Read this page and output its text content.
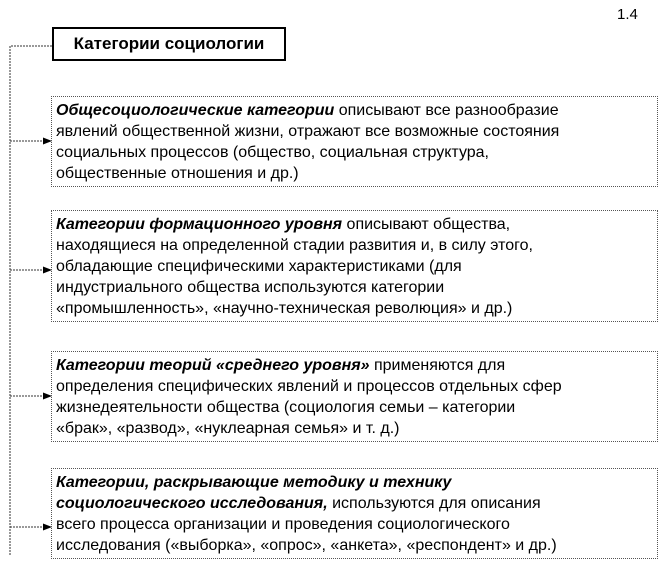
1.4
Категории социологии
Общесоциологические категории описывают все разнообразие
явлений общественной жизни, отражают все возможные состояния
социальных процессов (общество, социальная структура,
общественные отношения и др.)
Категории формационного уровня описывают общества,
находящиеся на определенной стадии развития и, в силу этого,
обладающие специфическими характеристиками (для
индустриального общества используются категории
«промышленность», «научно-техническая революция» и др.)
Категории теорий «среднего уровня» применяются для
определения специфических явлений и процессов отдельных сфер
жизнедеятельности общества (социология семьи – категории
«брак», «развод», «нуклеарная семья» и т. д.)
Категории, раскрывающие методику и технику
социологического исследования, используются для описания
всего процесса организации и проведения социологического
исследования («выборка», «опрос», «анкета», «респондент» и др.)
